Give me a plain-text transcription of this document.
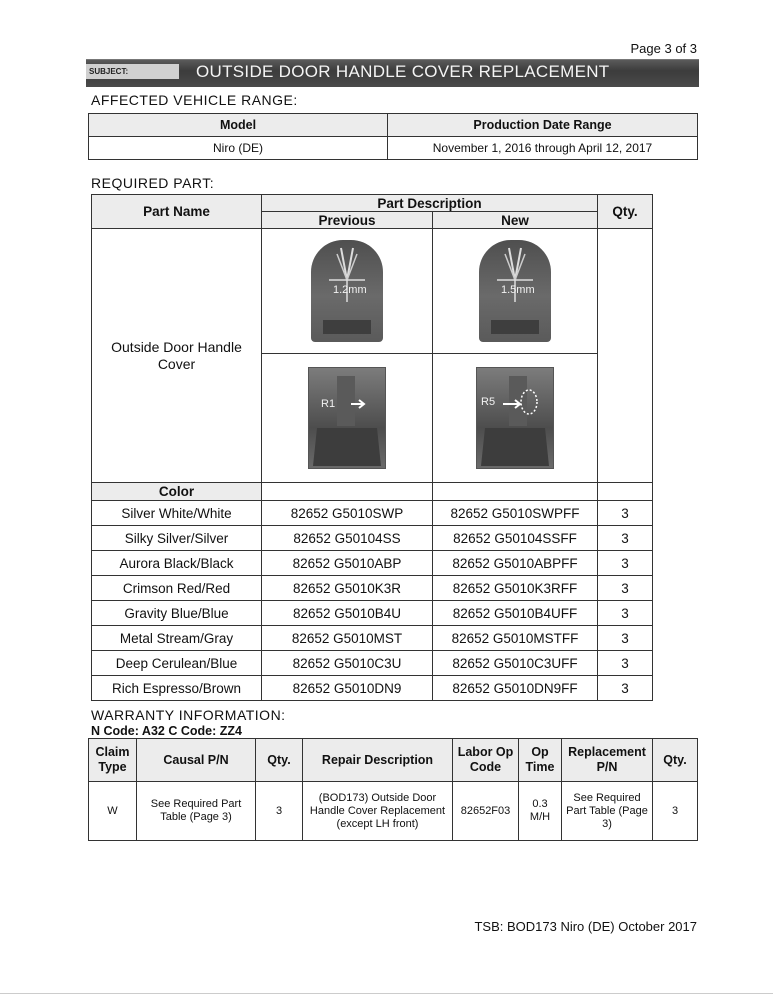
Page 3 of 3
SUBJECT:	OUTSIDE DOOR HANDLE COVER REPLACEMENT
AFFECTED VEHICLE RANGE:
Model	Production Date Range
Niro (DE)	November 1, 2016 through April 12, 2017
REQUIRED PART:
Part Name	Part Description		Qty.
	Previous	New	
Outside Door Handle Cover	1.2mm	1.5mm	

	R1	R5	

Color			
Silver White/White	82652 G5010SWP	82652 G5010SWPFF	3
Silky Silver/Silver	82652 G50104SS	82652 G50104SSFF	3
Aurora Black/Black	82652 G5010ABP	82652 G5010ABPFF	3
Crimson Red/Red	82652 G5010K3R	82652 G5010K3RFF	3
Gravity Blue/Blue	82652 G5010B4U	82652 G5010B4UFF	3
Metal Stream/Gray	82652 G5010MST	82652 G5010MSTFF	3
Deep Cerulean/Blue	82652 G5010C3U	82652 G5010C3UFF	3
Rich Espresso/Brown	82652 G5010DN9	82652 G5010DN9FF	3
WARRANTY INFORMATION:
N Code: A32 C Code: ZZ4
Claim Type	Causal P/N	Qty.	Repair Description	Labor Op Code	Op Time	Replacement P/N	Qty.
W	See Required Part Table (Page 3)	3	(BOD173) Outside Door Handle Cover Replacement (except LH front)	82652F03	0.3 M/H	See Required Part Table (Page 3)	3
TSB: BOD173 Niro (DE) October 2017
